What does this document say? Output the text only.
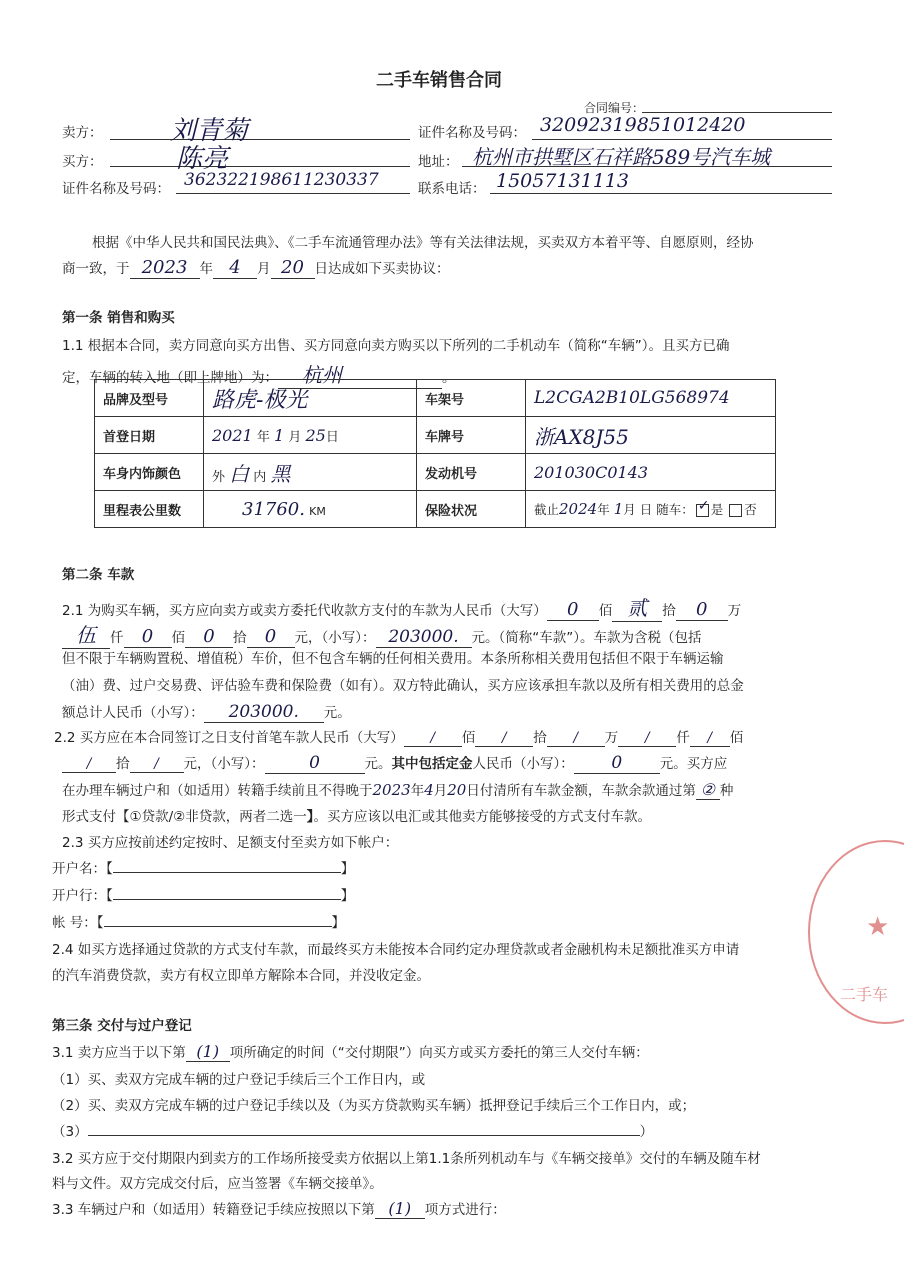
二手车销售合同
合同编号：
卖方：	刘青菊	证件名称及号码： 32092319851012420
买方：	陈亮	地址： 杭州市拱墅区石祥路589号汽车城
证件名称及号码： 362322198611230337	联系电话： 15057131113
根据《中华人民共和国民法典》、《二手车流通管理办法》等有关法律法规，买卖双方本着平等、自愿原则，经协
商一致，于 2023 年 4 月 20 日达成如下买卖协议：
第一条 销售和购买
1.1 根据本合同，卖方同意向买方出售、买方同意向卖方购买以下所列的二手机动车（简称“车辆”）。且买方已确
定，车辆的转入地（即上牌地）为： 杭州	。
品牌及型号	路虎-极光	车架号	L2CGA2B10LG568974
首登日期	2021 年 1 月 25日	车牌号	浙AX8J55
车身内饰颜色	外 白 内 黑	发动机号	201030C0143
里程表公里数	31760. KM	保险状况	截止2024年 1月 日 随车： ✓ 是 否
第二条 车款
2.1 为购买车辆，买方应向卖方或卖方委托代收款方支付的车款为人民币（大写） 0 佰 贰 拾 0 万
伍 仟 0 佰 0 拾 0 元，（小写）： 203000. 元。（简称“车款”）。车款为含税（包括
但不限于车辆购置税、增值税）车价，但不包含车辆的任何相关费用。本条所称相关费用包括但不限于车辆运输
（油）费、过户交易费、评估验车费和保险费（如有）。双方特此确认，买方应该承担车款以及所有相关费用的总金
额总计人民币（小写）： 203000. 元。
2.2 买方应在本合同签订之日支付首笔车款人民币（大写） / 佰 / 拾 / 万 / 仟 / 佰
/ 拾 / 元，（小写）：	0	元。其中包括定金人民币（小写）： 0	元。买方应
在办理车辆过户和（如适用）转籍手续前且不得晚于2023年4月20日付清所有车款金额，车款余款通过第 ② 种
形式支付【①贷款/②非贷款，两者二选一】。买方应该以电汇或其他卖方能够接受的方式支付车款。
2.3 买方应按前述约定按时、足额支付至卖方如下帐户：
开户名：【	】
开户行：【	】
帐 号：【	】
2.4 如买方选择通过贷款的方式支付车款，而最终买方未能按本合同约定办理贷款或者金融机构未足额批准买方申请
的汽车消费贷款，卖方有权立即单方解除本合同，并没收定金。
第三条 交付与过户登记
3.1 卖方应当于以下第 (1) 项所确定的时间（“交付期限”）向买方或买方委托的第三人交付车辆：
（1）买、卖双方完成车辆的过户登记手续后三个工作日内，或
（2）买、卖双方完成车辆的过户登记手续以及（为买方贷款购买车辆）抵押登记手续后三个工作日内，或；
（3）	）
3.2 买方应于交付期限内到卖方的工作场所接受卖方依据以上第1.1条所列机动车与《车辆交接单》交付的车辆及随车材
料与文件。双方完成交付后，应当签署《车辆交接单》。
3.3 车辆过户和（如适用）转籍登记手续应按照以下第 (1) 项方式进行：
二手车
★
